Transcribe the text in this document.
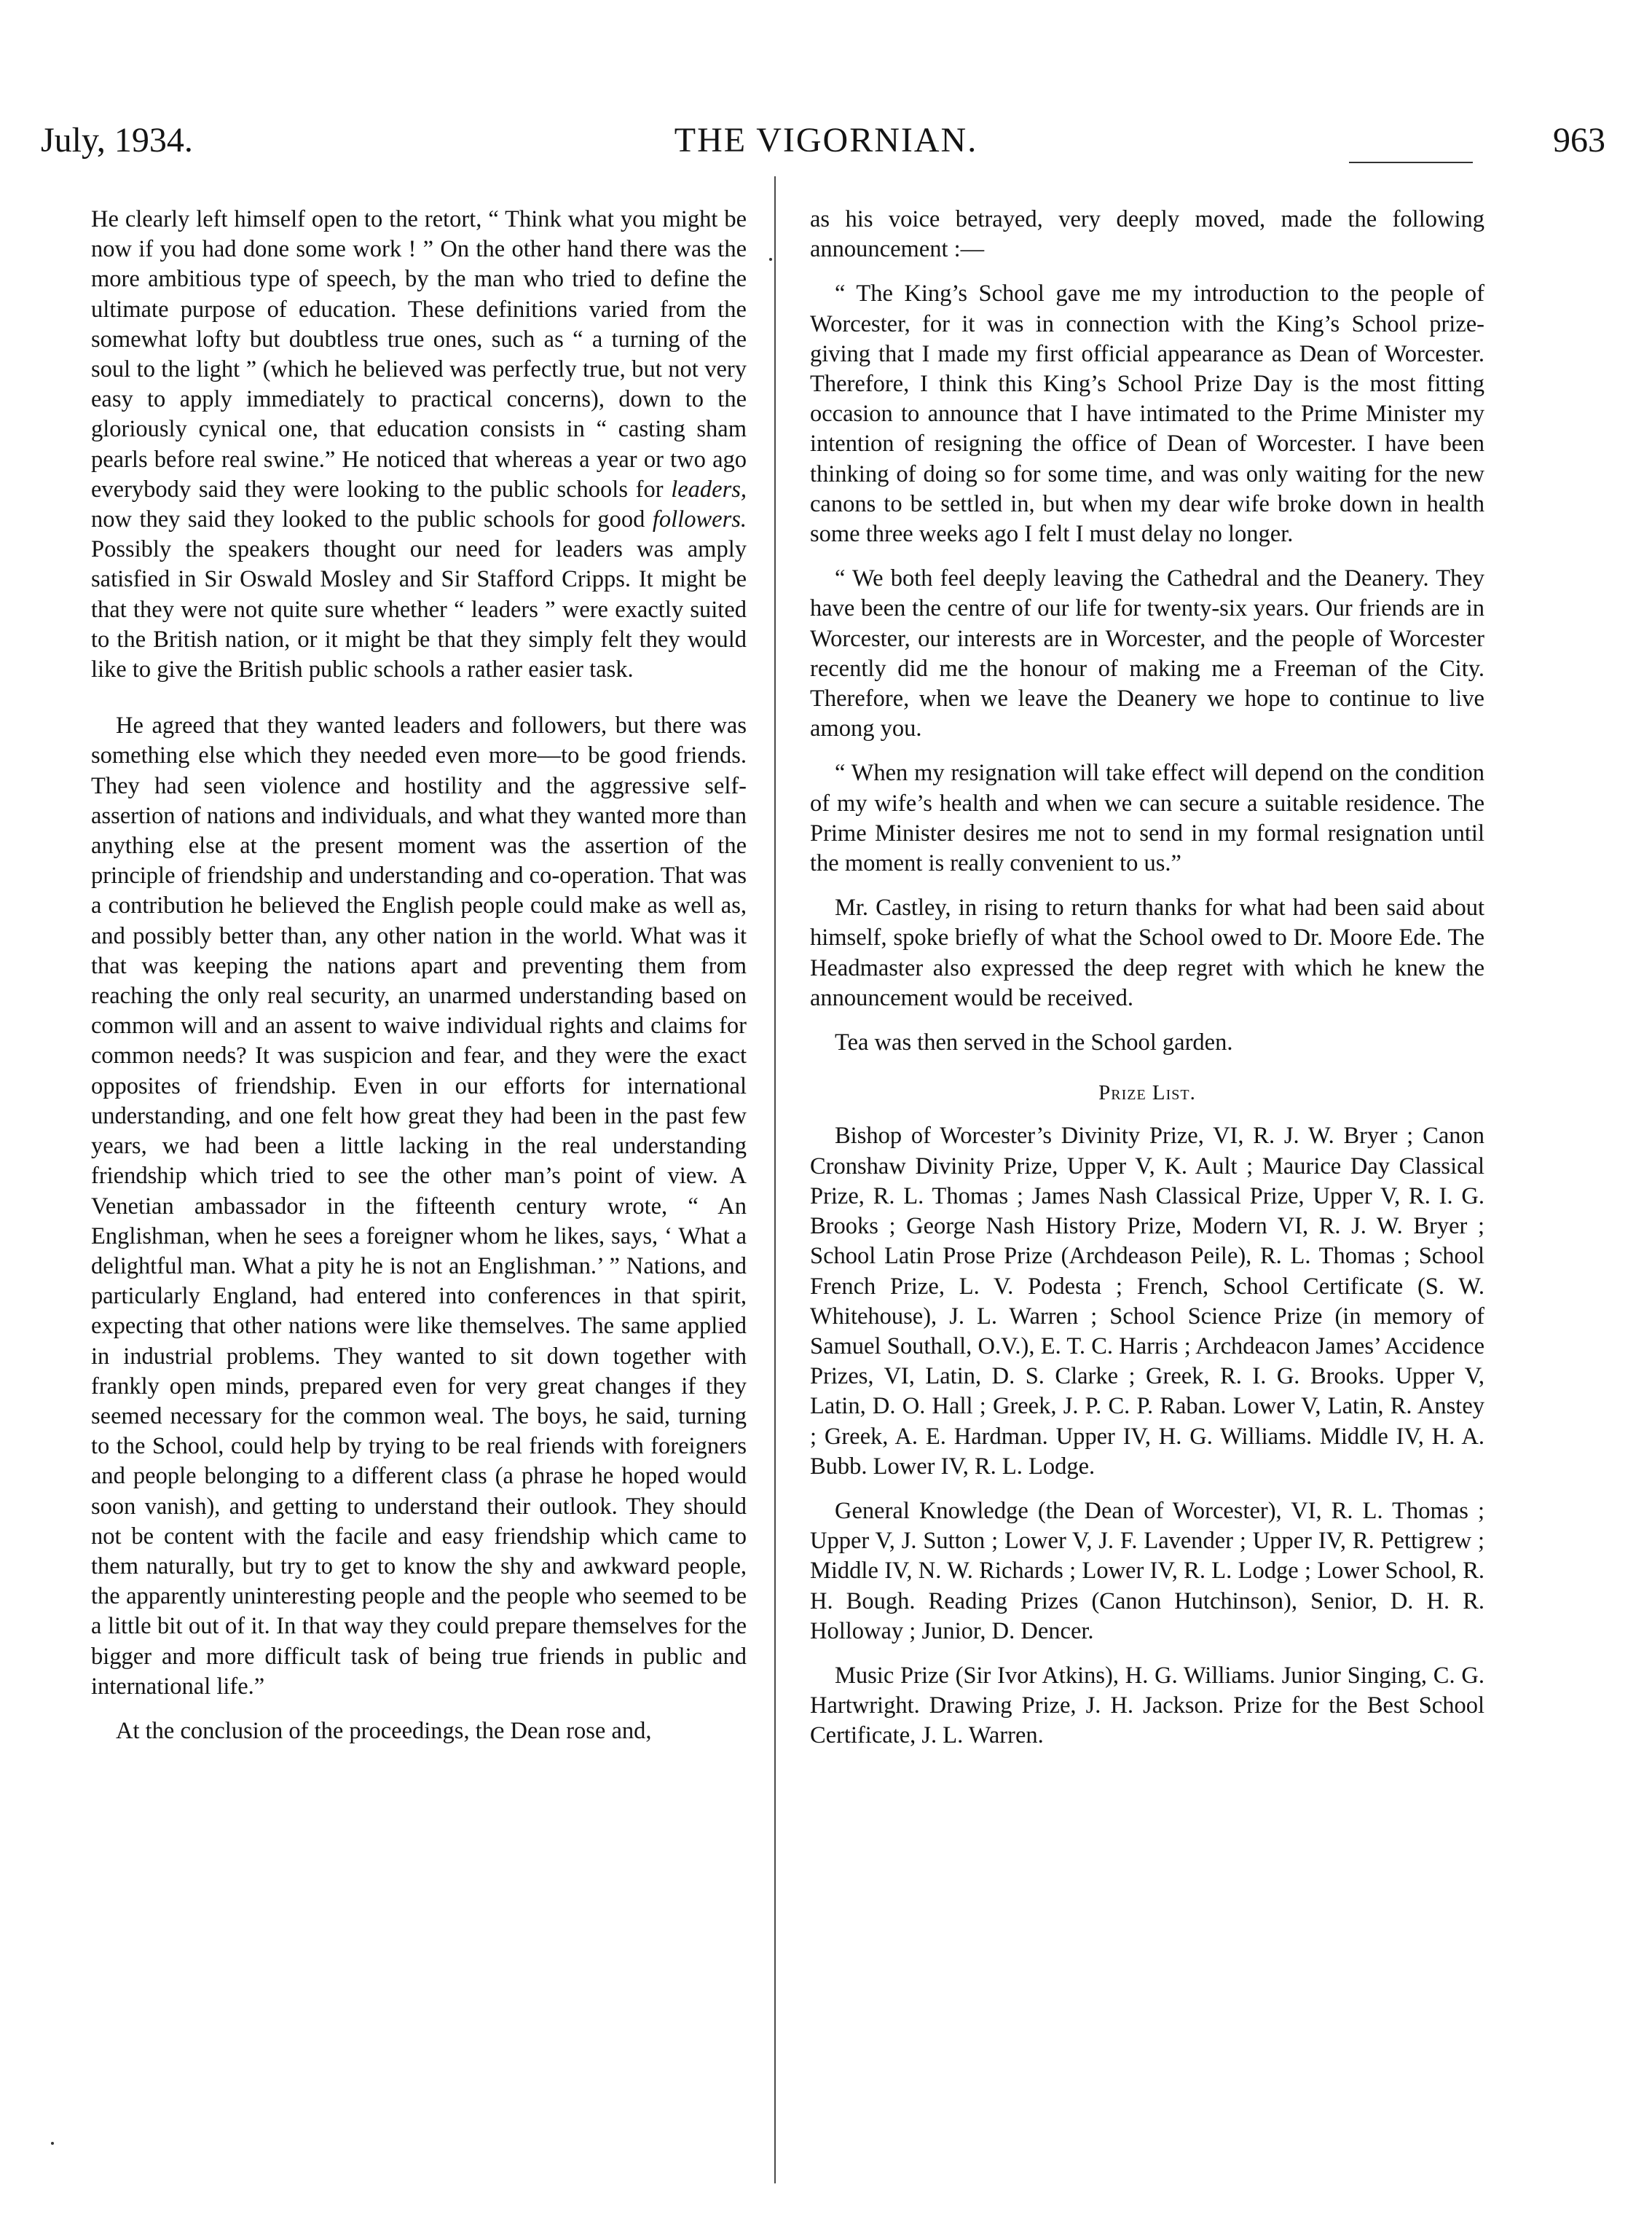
July, 1934.	THE VIGORNIAN.	963

He clearly left himself open to the retort, “ Think what you might be now if you had done some work ! ” On the other hand there was the more ambitious type of speech, by the man who tried to define the ultimate purpose of education. These definitions varied from the somewhat lofty but doubtless true ones, such as “ a turning of the soul to the light ” (which he believed was perfectly true, but not very easy to apply immediately to practical concerns), down to the gloriously cynical one, that education consists in “ casting sham pearls before real swine.” He noticed that whereas a year or two ago everybody said they were looking to the public schools for leaders, now they said they looked to the public schools for good followers. Possibly the speakers thought our need for leaders was amply satisfied in Sir Oswald Mosley and Sir Stafford Cripps. It might be that they were not quite sure whether “ leaders ” were exactly suited to the British nation, or it might be that they simply felt they would like to give the British public schools a rather easier task.

He agreed that they wanted leaders and followers, but there was something else which they needed even more—to be good friends. They had seen violence and hostility and the aggressive self-assertion of nations and individuals, and what they wanted more than anything else at the present moment was the assertion of the principle of friendship and understanding and co-operation. That was a contribution he believed the English people could make as well as, and possibly better than, any other nation in the world. What was it that was keeping the nations apart and preventing them from reaching the only real security, an unarmed understanding based on common will and an assent to waive individual rights and claims for common needs? It was suspicion and fear, and they were the exact opposites of friendship. Even in our efforts for international understanding, and one felt how great they had been in the past few years, we had been a little lacking in the real understanding friendship which tried to see the other man’s point of view. A Venetian ambassador in the fifteenth century wrote, “ An Englishman, when he sees a foreigner whom he likes, says, ‘ What a delightful man. What a pity he is not an Englishman.’ ” Nations, and particularly England, had entered into conferences in that spirit, expecting that other nations were like themselves. The same applied in industrial problems. They wanted to sit down together with frankly open minds, prepared even for very great changes if they seemed necessary for the common weal. The boys, he said, turning to the School, could help by trying to be real friends with foreigners and people belonging to a different class (a phrase he hoped would soon vanish), and getting to understand their outlook. They should not be content with the facile and easy friendship which came to them naturally, but try to get to know the shy and awkward people, the apparently uninteresting people and the people who seemed to be a little bit out of it. In that way they could prepare themselves for the bigger and more difficult task of being true friends in public and international life.”

At the conclusion of the proceedings, the Dean rose and,

as his voice betrayed, very deeply moved, made the following announcement :—

“ The King’s School gave me my introduction to the people of Worcester, for it was in connection with the King’s School prize-giving that I made my first official appearance as Dean of Worcester. Therefore, I think this King’s School Prize Day is the most fitting occasion to announce that I have intimated to the Prime Minister my intention of resigning the office of Dean of Worcester. I have been thinking of doing so for some time, and was only waiting for the new canons to be settled in, but when my dear wife broke down in health some three weeks ago I felt I must delay no longer.

“ We both feel deeply leaving the Cathedral and the Deanery. They have been the centre of our life for twenty-six years. Our friends are in Worcester, our interests are in Worcester, and the people of Worcester recently did me the honour of making me a Freeman of the City. Therefore, when we leave the Deanery we hope to continue to live among you.

“ When my resignation will take effect will depend on the condition of my wife’s health and when we can secure a suitable residence. The Prime Minister desires me not to send in my formal resignation until the moment is really convenient to us.”

Mr. Castley, in rising to return thanks for what had been said about himself, spoke briefly of what the School owed to Dr. Moore Ede. The Headmaster also expressed the deep regret with which he knew the announcement would be received.

Tea was then served in the School garden.

Prize List.

Bishop of Worcester’s Divinity Prize, VI, R. J. W. Bryer ; Canon Cronshaw Divinity Prize, Upper V, K. Ault ; Maurice Day Classical Prize, R. L. Thomas ; James Nash Classical Prize, Upper V, R. I. G. Brooks ; George Nash History Prize, Modern VI, R. J. W. Bryer ; School Latin Prose Prize (Archdeason Peile), R. L. Thomas ; School French Prize, L. V. Podesta ; French, School Certificate (S. W. Whitehouse), J. L. Warren ; School Science Prize (in memory of Samuel Southall, O.V.), E. T. C. Harris ; Archdeacon James’ Accidence Prizes, VI, Latin, D. S. Clarke ; Greek, R. I. G. Brooks. Upper V, Latin, D. O. Hall ; Greek, J. P. C. P. Raban. Lower V, Latin, R. Anstey ; Greek, A. E. Hardman. Upper IV, H. G. Williams. Middle IV, H. A. Bubb. Lower IV, R. L. Lodge.

General Knowledge (the Dean of Worcester), VI, R. L. Thomas ; Upper V, J. Sutton ; Lower V, J. F. Lavender ; Upper IV, R. Pettigrew ; Middle IV, N. W. Richards ; Lower IV, R. L. Lodge ; Lower School, R. H. Bough. Reading Prizes (Canon Hutchinson), Senior, D. H. R. Holloway ; Junior, D. Dencer.

Music Prize (Sir Ivor Atkins), H. G. Williams. Junior Singing, C. G. Hartwright. Drawing Prize, J. H. Jackson. Prize for the Best School Certificate, J. L. Warren.
